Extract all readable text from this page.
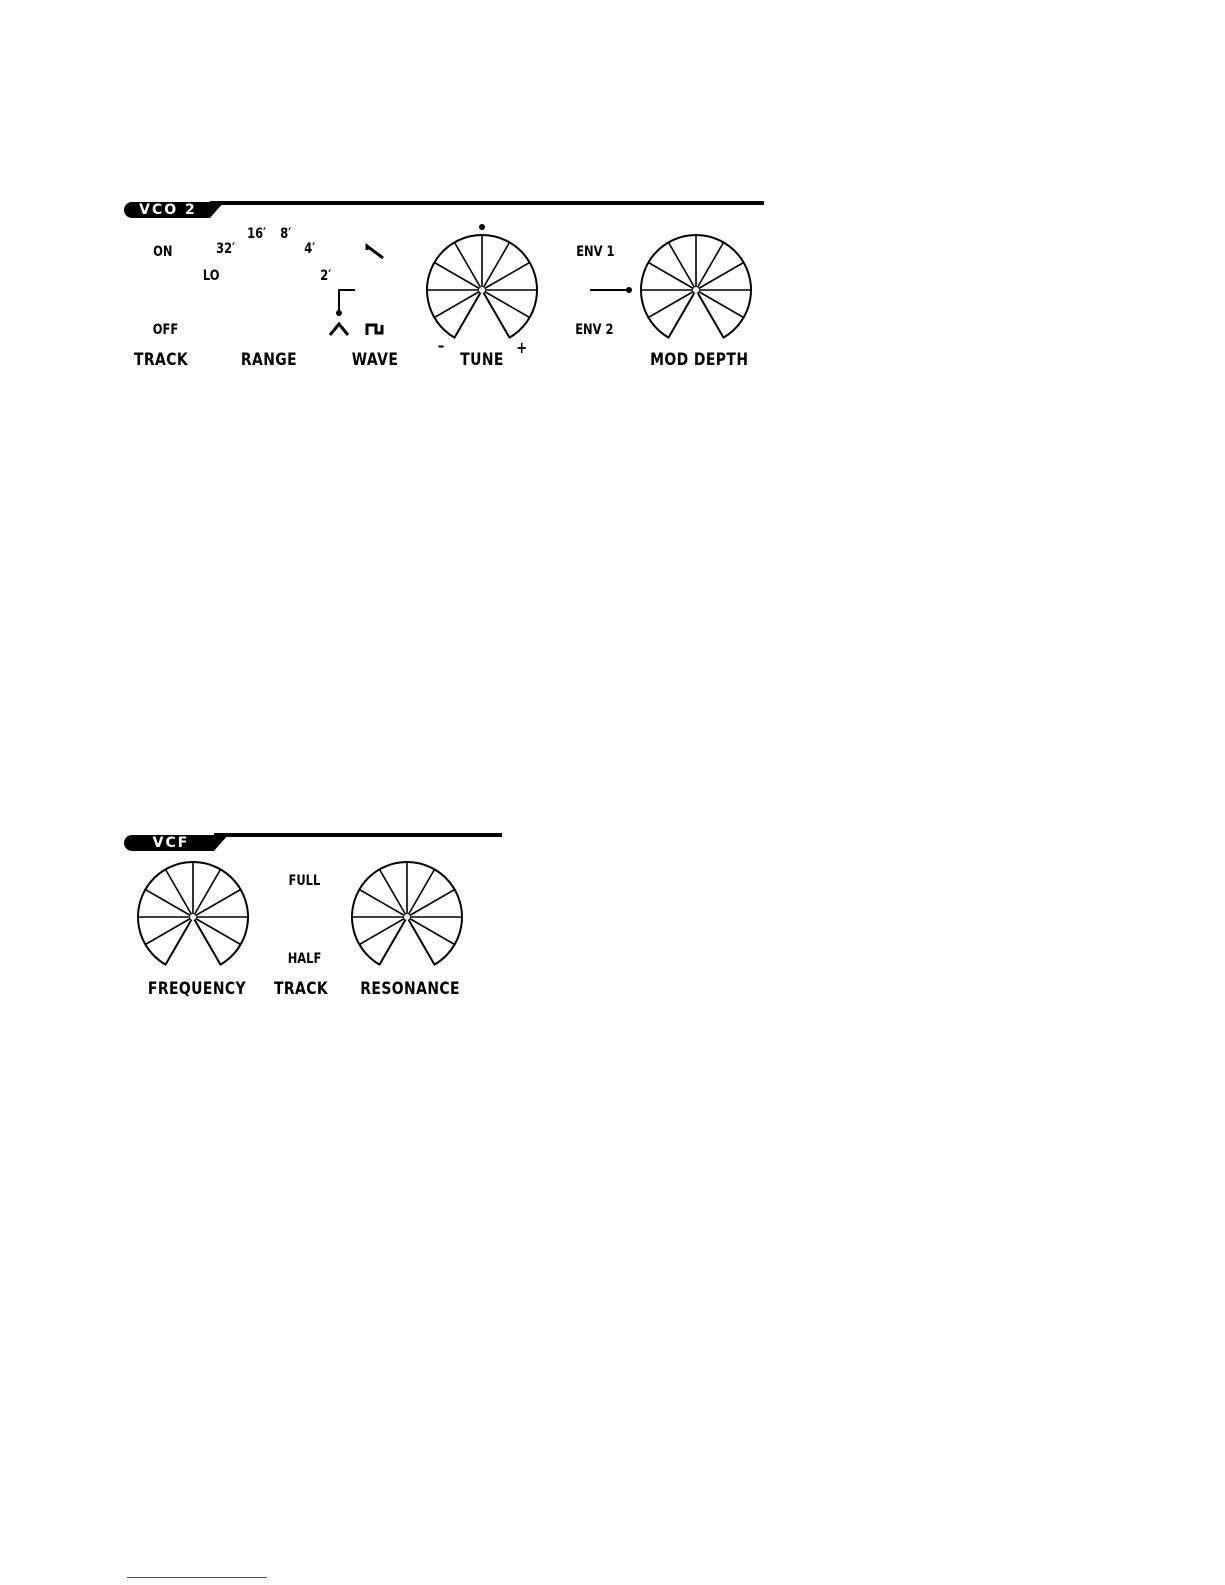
VCO 2
ON
OFF
TRACK
LO
32′
16′ 8′
4′
2′
RANGE	WAVE
–	+
TUNE
ENV 1
ENV 2
MOD DEPTH
VCF
FREQUENCY
FULL
HALF
TRACK RESONANCE
